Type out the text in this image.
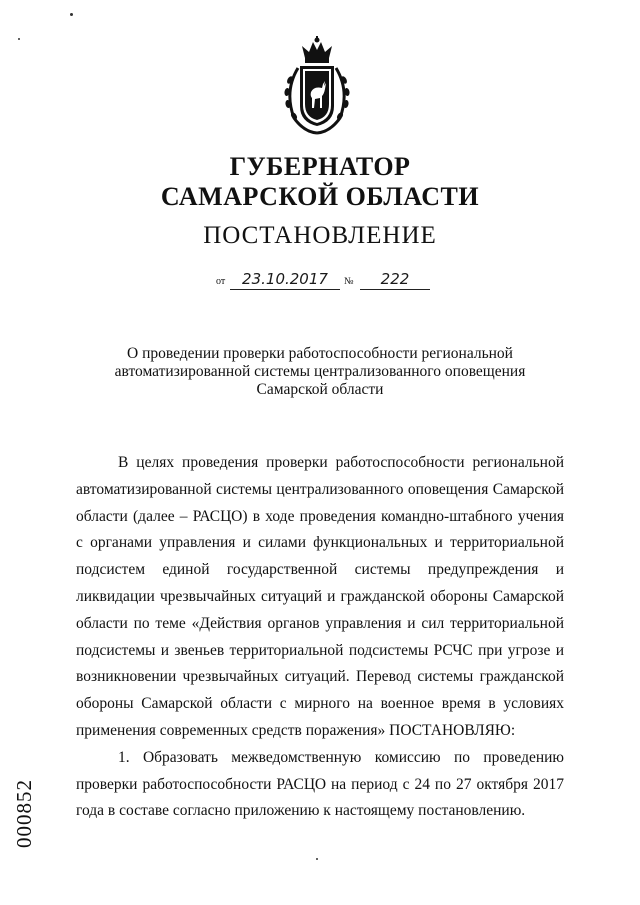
ГУБЕРНАТОР
САМАРСКОЙ ОБЛАСТИ
ПОСТАНОВЛЕНИЕ
от	23.10.2017	№	222
О проведении проверки работоспособности региональной
автоматизированной системы централизованного оповещения
Самарской области

В целях проведения проверки работоспособности региональной автоматизированной системы централизованного оповещения Самарской области (далее – РАСЦО) в ходе проведения командно-штабного учения с органами управления и силами функциональных и территориальной подсистем единой государственной системы предупреждения и ликвидации чрезвычайных ситуаций и гражданской обороны Самарской области по теме «Действия органов управления и сил территориальной подсистемы и звеньев территориальной подсистемы РСЧС при угрозе и возникновении чрезвычайных ситуаций. Перевод системы гражданской обороны Самарской области с мирного на военное время в условиях применения современных средств поражения» ПОСТАНОВЛЯЮ:

1. Образовать межведомственную комиссию по проведению проверки работоспособности РАСЦО на период с 24 по 27 октября 2017 года в составе согласно приложению к настоящему постановлению.

000852
